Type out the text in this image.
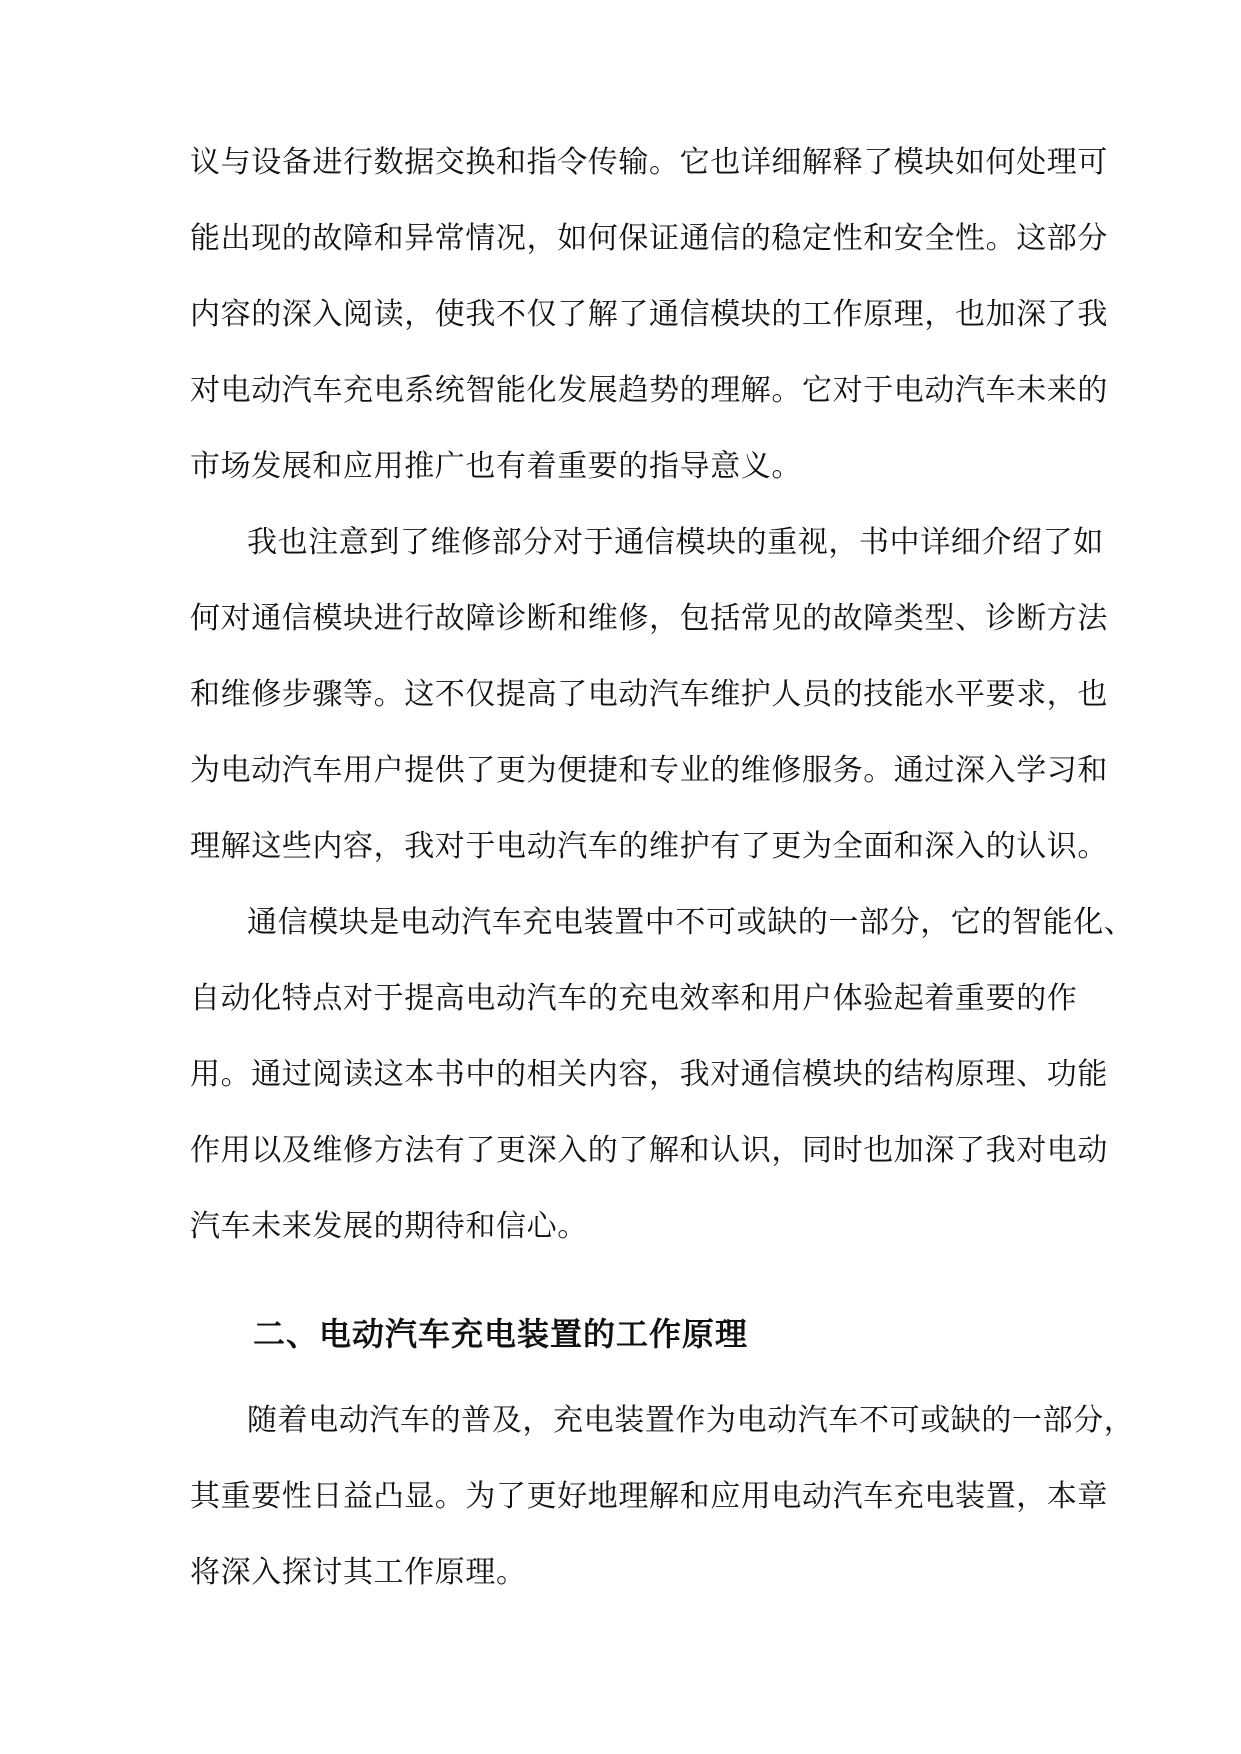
议与设备进行数据交换和指令传输。它也详细解释了模块如何处理可
能出现的故障和异常情况，如何保证通信的稳定性和安全性。这部分
内容的深入阅读，使我不仅了解了通信模块的工作原理，也加深了我
对电动汽车充电系统智能化发展趋势的理解。它对于电动汽车未来的
市场发展和应用推广也有着重要的指导意义。
我也注意到了维修部分对于通信模块的重视，书中详细介绍了如
何对通信模块进行故障诊断和维修，包括常见的故障类型、诊断方法
和维修步骤等。这不仅提高了电动汽车维护人员的技能水平要求，也
为电动汽车用户提供了更为便捷和专业的维修服务。通过深入学习和
理解这些内容，我对于电动汽车的维护有了更为全面和深入的认识。
通信模块是电动汽车充电装置中不可或缺的一部分，它的智能化、
自动化特点对于提高电动汽车的充电效率和用户体验起着重要的作
用。通过阅读这本书中的相关内容，我对通信模块的结构原理、功能
作用以及维修方法有了更深入的了解和认识，同时也加深了我对电动
汽车未来发展的期待和信心。
二、电动汽车充电装置的工作原理
随着电动汽车的普及，充电装置作为电动汽车不可或缺的一部分，
其重要性日益凸显。为了更好地理解和应用电动汽车充电装置，本章
将深入探讨其工作原理。
